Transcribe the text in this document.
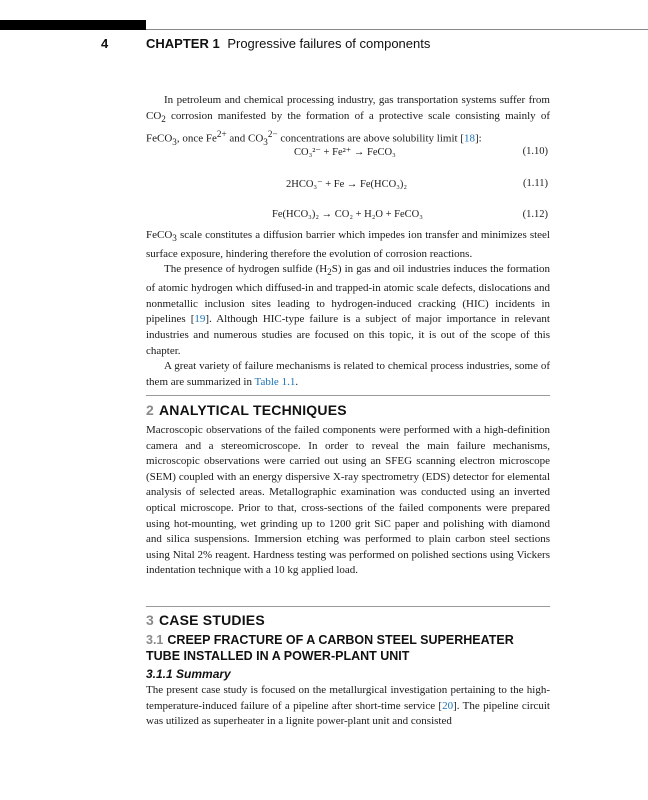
4	CHAPTER 1 Progressive failures of components

In petroleum and chemical processing industry, gas transportation systems suffer from $CO_2$ corrosion manifested by the formation of a protective scale consisting mainly of FeCO$_3$, once $Fe^{2+}$ and $CO_3^{2-}$ concentrations are above solubility limit [18]:

CO₃²⁻ + Fe²⁺ → FeCO₃	(1.10)
2HCO₃⁻ + Fe → Fe(HCO₃)₂	(1.11)
Fe(HCO₃)₂ → CO₂ + H₂O + FeCO₃	(1.12)

FeCO$_3$ scale constitutes a diffusion barrier which impedes ion transfer and minimizes steel surface exposure, hindering therefore the evolution of corrosion reactions.

The presence of hydrogen sulfide $(H_2S)$ in gas and oil industries induces the formation of atomic hydrogen which diffused-in and trapped-in atomic scale defects, dislocations and nonmetallic inclusion sites leading to hydrogen-induced cracking (HIC) incidents in pipelines [19]. Although HIC-type failure is a subject of major importance in relevant industries and numerous studies are focused on this topic, it is out of the scope of this chapter.

A great variety of failure mechanisms is related to chemical process industries, some of them are summarized in Table 1.1.

2 ANALYTICAL TECHNIQUES

Macroscopic observations of the failed components were performed with a high-definition camera and a stereomicroscope. In order to reveal the main failure mechanisms, microscopic observations were carried out using an SFEG scanning electron microscope (SEM) coupled with an energy dispersive X-ray spectrometry (EDS) detector for elemental analysis of selected areas. Metallographic examination was conducted using an inverted optical microscope. Prior to that, cross-sections of the failed components were prepared using hot-mounting, wet grinding up to 1200 grit SiC paper and polishing with diamond and silica suspensions. Immersion etching was performed to plain carbon steel sections using Nital 2% reagent. Hardness testing was performed on polished sections using Vickers indentation technique with a 10 kg applied load.

3 CASE STUDIES
3.1 CREEP FRACTURE OF A CARBON STEEL SUPERHEATER TUBE INSTALLED IN A POWER-PLANT UNIT
3.1.1 Summary

The present case study is focused on the metallurgical investigation pertaining to the high-temperature-induced failure of a pipeline after short-time service [20]. The pipeline circuit was utilized as superheater in a lignite power-plant unit and consisted
